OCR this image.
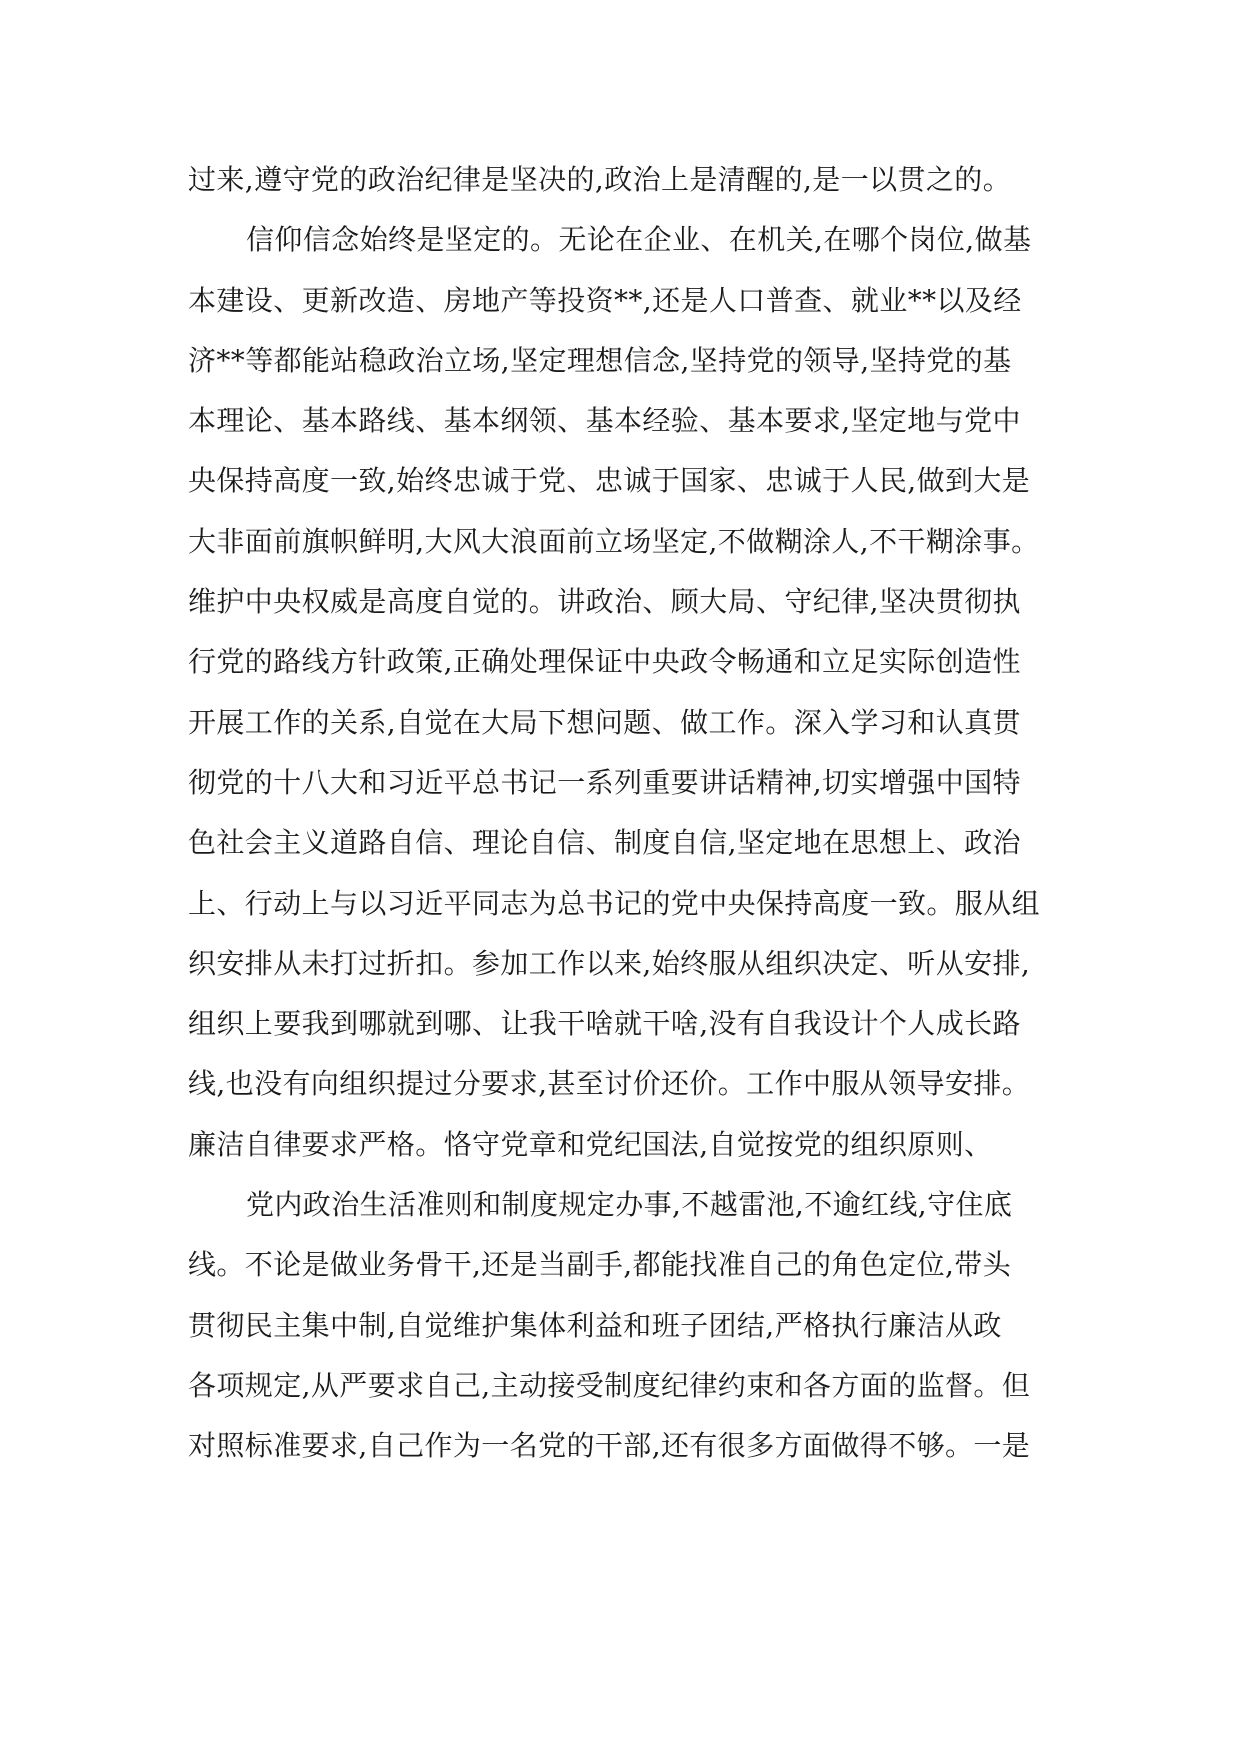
过来,遵守党的政治纪律是坚决的,政治上是清醒的,是一以贯之的。
信仰信念始终是坚定的。无论在企业、在机关,在哪个岗位,做基
本建设、更新改造、房地产等投资**,还是人口普查、就业**以及经
济**等都能站稳政治立场,坚定理想信念,坚持党的领导,坚持党的基
本理论、基本路线、基本纲领、基本经验、基本要求,坚定地与党中
央保持高度一致,始终忠诚于党、忠诚于国家、忠诚于人民,做到大是
大非面前旗帜鲜明,大风大浪面前立场坚定,不做糊涂人,不干糊涂事。
维护中央权威是高度自觉的。讲政治、顾大局、守纪律,坚决贯彻执
行党的路线方针政策,正确处理保证中央政令畅通和立足实际创造性
开展工作的关系,自觉在大局下想问题、做工作。深入学习和认真贯
彻党的十八大和习近平总书记一系列重要讲话精神,切实增强中国特
色社会主义道路自信、理论自信、制度自信,坚定地在思想上、政治
上、行动上与以习近平同志为总书记的党中央保持高度一致。服从组
织安排从未打过折扣。参加工作以来,始终服从组织决定、听从安排,
组织上要我到哪就到哪、让我干啥就干啥,没有自我设计个人成长路
线,也没有向组织提过分要求,甚至讨价还价。工作中服从领导安排。
廉洁自律要求严格。恪守党章和党纪国法,自觉按党的组织原则、
党内政治生活准则和制度规定办事,不越雷池,不逾红线,守住底
线。不论是做业务骨干,还是当副手,都能找准自己的角色定位,带头
贯彻民主集中制,自觉维护集体利益和班子团结,严格执行廉洁从政
各项规定,从严要求自己,主动接受制度纪律约束和各方面的监督。但
对照标准要求,自己作为一名党的干部,还有很多方面做得不够。一是
